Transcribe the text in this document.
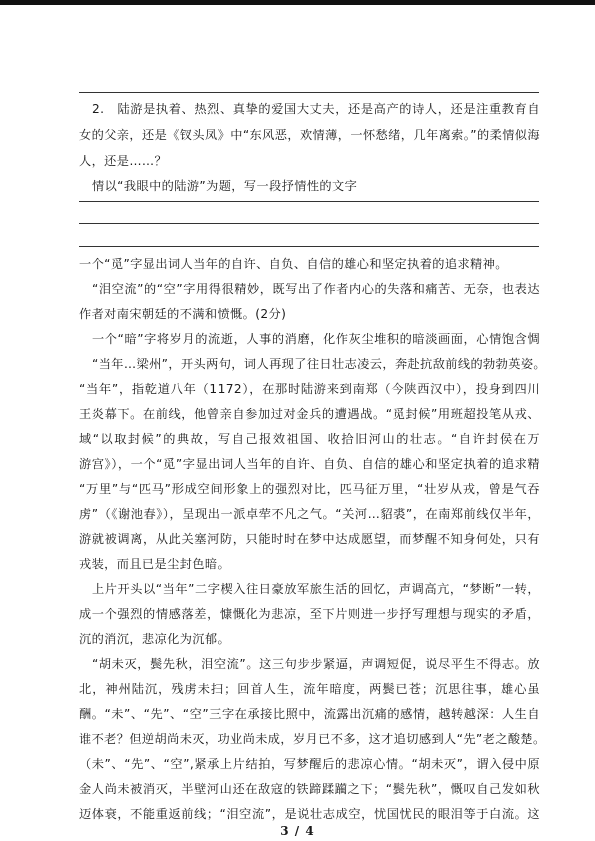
2.　陆游是执着、热烈、真挚的爱国大丈夫，还是高产的诗人，还是注重教育自

女的父亲，还是《钗头凤》中“东风恶，欢情薄，一怀愁绪，几年离索。”的柔情似海

人，还是……？

情以“我眼中的陆游”为题，写一段抒情性的文字

一个“觅”字显出词人当年的自许、自负、自信的雄心和坚定执着的追求精神。

“泪空流”的“空”字用得很精妙，既写出了作者内心的失落和痛苦、无奈，也表达

作者对南宋朝廷的不满和愤慨。(2分)

一个“暗”字将岁月的流逝，人事的消磨，化作灰尘堆积的暗淡画面，心情饱含惆

“当年…梁州”，开头两句，词人再现了往日壮志凌云，奔赴抗敌前线的勃勃英姿。

“当年”，指乾道八年（1172），在那时陆游来到南郑（今陕西汉中），投身到四川

王炎幕下。在前线，他曾亲自参加过对金兵的遭遇战。“觅封候”用班超投笔从戎、

域“以取封候”的典故，写自己报效祖国、收拾旧河山的壮志。“自许封侯在万

游宫》），一个“觅”字显出词人当年的自许、自负、自信的雄心和坚定执着的追求精

“万里”与“匹马”形成空间形象上的强烈对比，匹马征万里，“壮岁从戎，曾是气吞

虏”（《谢池春》），呈现出一派卓荦不凡之气。“关河…貂裘”，在南郑前线仅半年，

游就被调离，从此关塞河防，只能时时在梦中达成愿望，而梦醒不知身何处，只有

戎装，而且已是尘封色暗。

上片开头以“当年”二字楔入往日豪放军旅生活的回忆，声调高亢，“梦断”一转，

成一个强烈的情感落差，慷慨化为悲凉，至下片则进一步抒写理想与现实的矛盾，

沉的消沉，悲凉化为沉郁。

“胡未灭，鬓先秋，泪空流”。这三句步步紧逼，声调短促，说尽平生不得志。放

北，神州陆沉，残虏未扫；回首人生，流年暗度，两鬓已苍；沉思往事，雄心虽

酬。“未”、“先”、“空”三字在承接比照中，流露出沉痛的感情，越转越深：人生自

谁不老？但逆胡尚未灭，功业尚未成，岁月已不多，这才追切感到人“先”老之酸楚。

（未”、“先”、“空”,紧承上片结拍，写梦醒后的悲凉心情。“胡未灭”，谓入侵中原

金人尚未被消灭，半壁河山还在敌寇的铁蹄蹂躏之下；“鬓先秋”，慨叹自己发如秋

迈体衰，不能重返前线；“泪空流”，是说壮志成空，忧国忧民的眼泪等于白流。这

3 / 4
